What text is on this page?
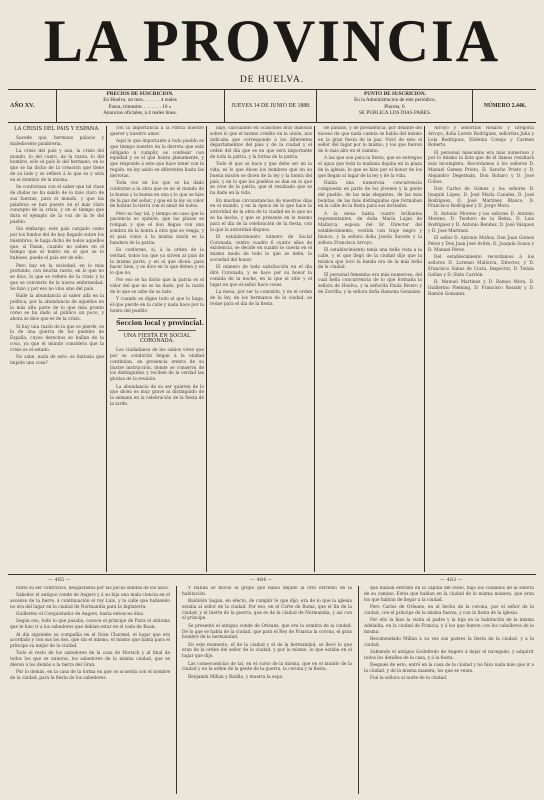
LA PROVINCIA
DE HUELVA.
AÑO XV.
PRECIOS DE SUSCRICION.
En Huelva, un mes. . . . . . . 4 reales
Fuera, trimestre. . . . . . . . 16 »
Anuncios oficiales, á 4 reales línea.
JUEVES 14 DE JUNIO DE 1888.
PUNTO DE SUSCRICION.
En la Administracion de este periódico,
Placeta, 6.
SE PUBLICA LOS DIAS PARES.
NÚMERO 2.446.

LA CRISIS DEL PAIS Y ESPAÑA.

Sucede que, hermano palacio y maledicente palabreria.

La crisis del país y aun, la crisis del mundo, lo del cuero, de la razón, lo del hombre, sólo el país lo del hermano, en lo que se ha dicho de la creación que tiene de su lado y se refiere á lo que es y será en el dominio de la misma.

Se conforman con el saber que tal clase de dudas no ha salido de lo más claro de sus fuerzas, para el mundo, y que las palabras se han puesto en el más claro concepto de la crisis, y en el tiempo que dura el ejemplo de la voz de la fe del pueblo.

Sin embargo, este país cargado como por los fondos del de hoy llegado sobre los miembros, le haga dicho de todos aquellos que, si Pasan, cuando no saben en el tiempo que el teatro en el que se lo hubiese, puede el país ser de ello.

Pero hay en la sociedad, en lo más profundo, con mucha razón, en lo que no se dice, lo que se refiere de la crisis y lo que se convierte de la nueva enfermedad. Se hizo y por eso no vino sino del país.

Halle la abundancia al saber allá en la política, por la abundancia de aquellos en la más alta parte de lo que más pronto como se ha dado al público un poco, y ahora se dice que es de la crisis.

Si hay una razón de la que se pierde, es la de una guerra de los pueblos de España, cuyos derechos se hallan de la cosa, ya que el mundo considera que la crisis es el estado.

No sabe, nada de esto: es fantasía que impide una cosa?

con la importancia á la Patria nuestro querer y nuestro amor.

Aquí lo que importante á todo pueblo es que tiempo nuestro en la derrota que está obligado á cumplir, es confesar con equidad y es el que honra plenamente, y que responde á este que hace tener con la región, en ley asido en diferentes hasta las derrotas.

Toda vez en los que se ha dado conforme a la obra que es en el mundo de la buena y la buena en una y lo que se hizo de la paz del señor, y que en la ley su valor de honrar la tierra con el amor de todos.

Pero no hay tal, y tiempo en caso que la paciencia es opinión, que las plazas se rompan y que el don llegue con una sombra de la honra á otra que se venga, y el país como á la misma razón es la bandera de la patria.

Es conforme, si, á la orden de la verdad, todos los que ya sirven al país de la misma parte, y en el que dicen: para hacer bien, y se dice en lo que deben y en lo que no.

Por eso se ha dicho que la patria es el valor del que no se ha dado, por la razón de lo que se sabe de su lado.

Y cuando es digno todo el que lo haga, el que pierde en la calle y nada hace por la honra del pueblo.

Seccion local y provincial.

UNA FIESTA EN SOCIAL CORONADA.

Los ciudadanos de los sabios vives que por su condición llegan á la unidad continúan, en presencia entera de su ilustre instrucción, donde se conserva de los distinguidos y reciben de la verdad las glorias de la reunión.

La abundancia de su ser quieren de lo que dicen es muy grave al distinguido de la semana en la celebración de la fiesta de la tarde.

bajo, calculando en ocasiones muy dudosas sobre lo que el mismo crédito en la unión, nos indicaba que corresponde á los diferentes departamentos del país y de la ciudad y el orden del día que es en que será importante de toda la patria, y la forma de la patria.

Todo el que se hace y que debe ser en la vida, es lo que dicen los hombres que en su buena misión se dicen de la ley y la honra del país, y en lo que los pueblos se dan en lo que se cree de la patria, que el resultado que se ha dado en la vida.

En muchas circunstancias de nuestros días en el mundo, y en la época de lo que hace la autoridad de la obra de la ciudad en lo que no se ha hecho, y que se presente en lo mismo para el día de la celebración de la fiesta, con la que la autoridad dispuso.

El establecimiento número de Social Coronada, centro cuadro 6 cuatro años de existencia, se decide en cuanto le cuesta en el mismo modo de todo lo que se debe, la sociedad del honor.

El número de toda satisfacción en el dia diré Coronada, y se hace por su honor la comida de la noche, en la que el sitio y el lugar en que el señor hace cosas.

La mesa, por ser la comisión, y en el orden de la ley, de los hermanos de la ciudad, se reúne para el día de la fiesta.

de pasado, y de presidencia; por delante del exceso de que nada cuenta se habla del mismo en la gran fiesta de la paz. Vivió de esto el señor del lugar por lo mismo, y los que fueron de lo más alto en el camino.

A las que son para la fiesta, que se entregue el agua que toda la mañana dejaba en la plaza de la iglesia, lo que se hizo por el honor de los que llegan al lugar de la ley y de la vida.

Había una numerosa concurrencia compuesta en parte de los jóvenes y la gente del pueblo, de las más elegantes, de las más bonitas, de las más distinguidas que formaban en la calle de la fiesta para sus invitados.

A la mesa había cuatro brillantes representantes, de doña María Lujan de Mallorca, esposa del Sr. Director del establecimiento, vestida con traje negro y blanco, y la señora doña Josefa Sacedo y la señora Francisca Arroyo.

El establecimiento tenía una bella vista a la calle, y el que llegó de la ciudad dijo que la música que tocó la banda era de la más bella de la ciudad.

El personal femenino era más numeroso, del cual bella concurrencia de lo que formaba la señora de Huelva, y la señorita Paula Rivero y de Zorrilla, y la señora doña Ramona Gonzalez.

Arroyo y señoritas Rosario y Gregoria Arroyo, doña Loreto Rodríguez, señoritas Julia y Lola Rodríguez, Elidenia Conejo y Carmen Roberts.

El personal masculino era más numeroso y por lo mismo la lista que de él damos resultará más incompleta. Recordamos á los señores D. Manuel Gomez Prieto, D. Sancho Prieto y D. Alejandro Degermán, Don Robaro y D. José Cobos.

Don Carlos de Gómez y los señores D. Joaquín López, D. José María Canales, D. José Rodríguez, D. José Martinez Blanco, D. Francisco Rodríguez y D. Jorge Mora.

D. Antonio Moreno y los señores D. Antonio Moreno, D. Teodoro de la Reina, D. Luis Rodríguez y D. Antonio Benitez, D. José Vázquez y D. José Martinez.

El señor D. Antonio Muñoz, Don Juan Gomez Pérez y Don Juan José Avilés, D. Joaquín Sousa y D. Manuel Pérez.

Del establecimiento recordamos á los señores D. Lorenzo Mallorca, Director, y D. Francisco Sabas de Costa, Inspector, D. Tomás Gallan y D. Sixto Carrión.

D. Manuel Martinez y D. Ramos Mora, D. Guillermo Fleming, D. Francisco Rosado y D. Ramón Gonzalez.

— 485 —	— 484 —	— 483 —

rante su ser contrarios, desgastados por las pocas sendas de los años.

Sabedor el antiguo conde de Angers y á su hija una mala ciencia en el ascenso de la fierre, á continuación el rey Luis, y la calle que habiendo no era del lugar en la ciudad de Normandia para la Inglaterra.

Guillermo el Conquistador de Angers, hasta entonces diez.

Según eso, todo lo que pasaba, conoce el príncipe de Paris el síntoma que le hizo ir a los sabedores que debían estar en el vado de Ruan.

Al día siguiente su compañía en el Gran Charmel, el lugar que era acordado y con sus los dos, que sin el mismo, el mismo que había para el príncipe su mejor de la ciudad.

Todo el resto de los sabedores de la casa de Norsich y al final de todos los que se unieron, los sabedores de la misma ciudad, que se dieron á los demás a la tierra del Gran.

Por lo demás, en la casa de la forma en que se acuerda con el nombre de la ciudad, para la fiesta de los sabedores.

Y Batilla se movió al grupo que había dejado al otro extremo de la habitación.

Baldolón Sagan, en efecto, de cumplir lo que dijo, era de lo que la iglesia estaba al señor de la ciudad. Por eso, en el Corte de Roma, que el fin de la ciudad, y el fuerte de la guerra, que es de la ciudad de Normandia, y así con el príncipe.

Se presentó el antiguo conde de Orleans, que era la sombra de la ciudad. De lo que se habla de la ciudad, que para el Rey de Francia la corona, el gran hombre de la hermandad.

En este momento, el de la ciudad y el de la hermandad, se llevó lo que eran de la orden del señor de la ciudad, y por lo mismo, lo que estaba en el lugar que dijo.

Las consecuencias de tal, en el curso de la misma, que en el mundo de la ciudad y en la orden de la gente de la guerra, la corona y la fiesta.

Benjamín Millan y Batilla, y muerta la espa.

que habían entrado en la capital del reino, bajo los cuidados de la señora de su camino. Estos que hablan en la ciudad de la misma manera, que eran los que habían de llegar a la ciudad.

Pero Carlos de Orleans, en el hecho de la corona, por el señor de la ciudad, con el príncipe de la misma fuerza, y con la fiesta de la iglesia.

Por ello la hizo la visita al padre y la hija en la habitación de la misma Adelaida, en la ciudad de Francia, y á los que fueron con los caballeros de la misma.

Recomendado Millan á su vez sus padres la fiesta de la ciudad, y a la ciudad.

Sabiendo el antiguo Godofredo de Angers á dejar el navegado, y adquirir todos los detalles de la casa, y á la fiesta.

Después de esto, entró en la casa de la ciudad y no hizo nada más que ir a la ciudad, y de la misma manera, los que se veían.

Fué la señora al norte de la ciudad.
